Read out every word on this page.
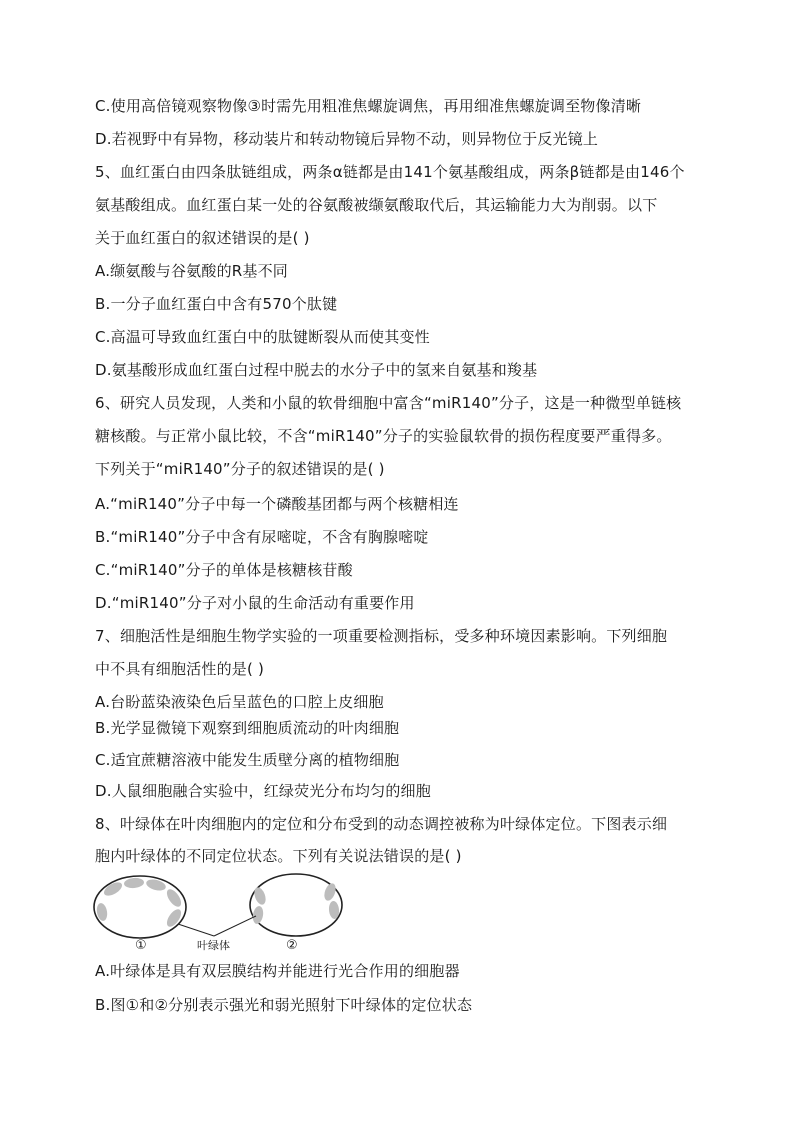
C.使用高倍镜观察物像③时需先用粗准焦螺旋调焦，再用细准焦螺旋调至物像清晰
D.若视野中有异物，移动装片和转动物镜后异物不动，则异物位于反光镜上
5、血红蛋白由四条肽链组成，两条α链都是由141个氨基酸组成，两条β链都是由146个
氨基酸组成。血红蛋白某一处的谷氨酸被缬氨酸取代后，其运输能力大为削弱。以下
关于血红蛋白的叙述错误的是( )
A.缬氨酸与谷氨酸的R基不同
B.一分子血红蛋白中含有570个肽键
C.高温可导致血红蛋白中的肽键断裂从而使其变性
D.氨基酸形成血红蛋白过程中脱去的水分子中的氢来自氨基和羧基
6、研究人员发现，人类和小鼠的软骨细胞中富含“miR140”分子，这是一种微型单链核
糖核酸。与正常小鼠比较，不含“miR140”分子的实验鼠软骨的损伤程度要严重得多。
下列关于“miR140”分子的叙述错误的是( )
A.“miR140”分子中每一个磷酸基团都与两个核糖相连
B.“miR140”分子中含有尿嘧啶，不含有胸腺嘧啶
C.“miR140”分子的单体是核糖核苷酸
D.“miR140”分子对小鼠的生命活动有重要作用
7、细胞活性是细胞生物学实验的一项重要检测指标，受多种环境因素影响。下列细胞
中不具有细胞活性的是( )
A.台盼蓝染液染色后呈蓝色的口腔上皮细胞
B.光学显微镜下观察到细胞质流动的叶肉细胞
C.适宜蔗糖溶液中能发生质壁分离的植物细胞
D.人鼠细胞融合实验中，红绿荧光分布均匀的细胞
8、叶绿体在叶肉细胞内的定位和分布受到的动态调控被称为叶绿体定位。下图表示细
胞内叶绿体的不同定位状态。下列有关说法错误的是( )
A.叶绿体是具有双层膜结构并能进行光合作用的细胞器
B.图①和②分别表示强光和弱光照射下叶绿体的定位状态
①	叶绿体	②
